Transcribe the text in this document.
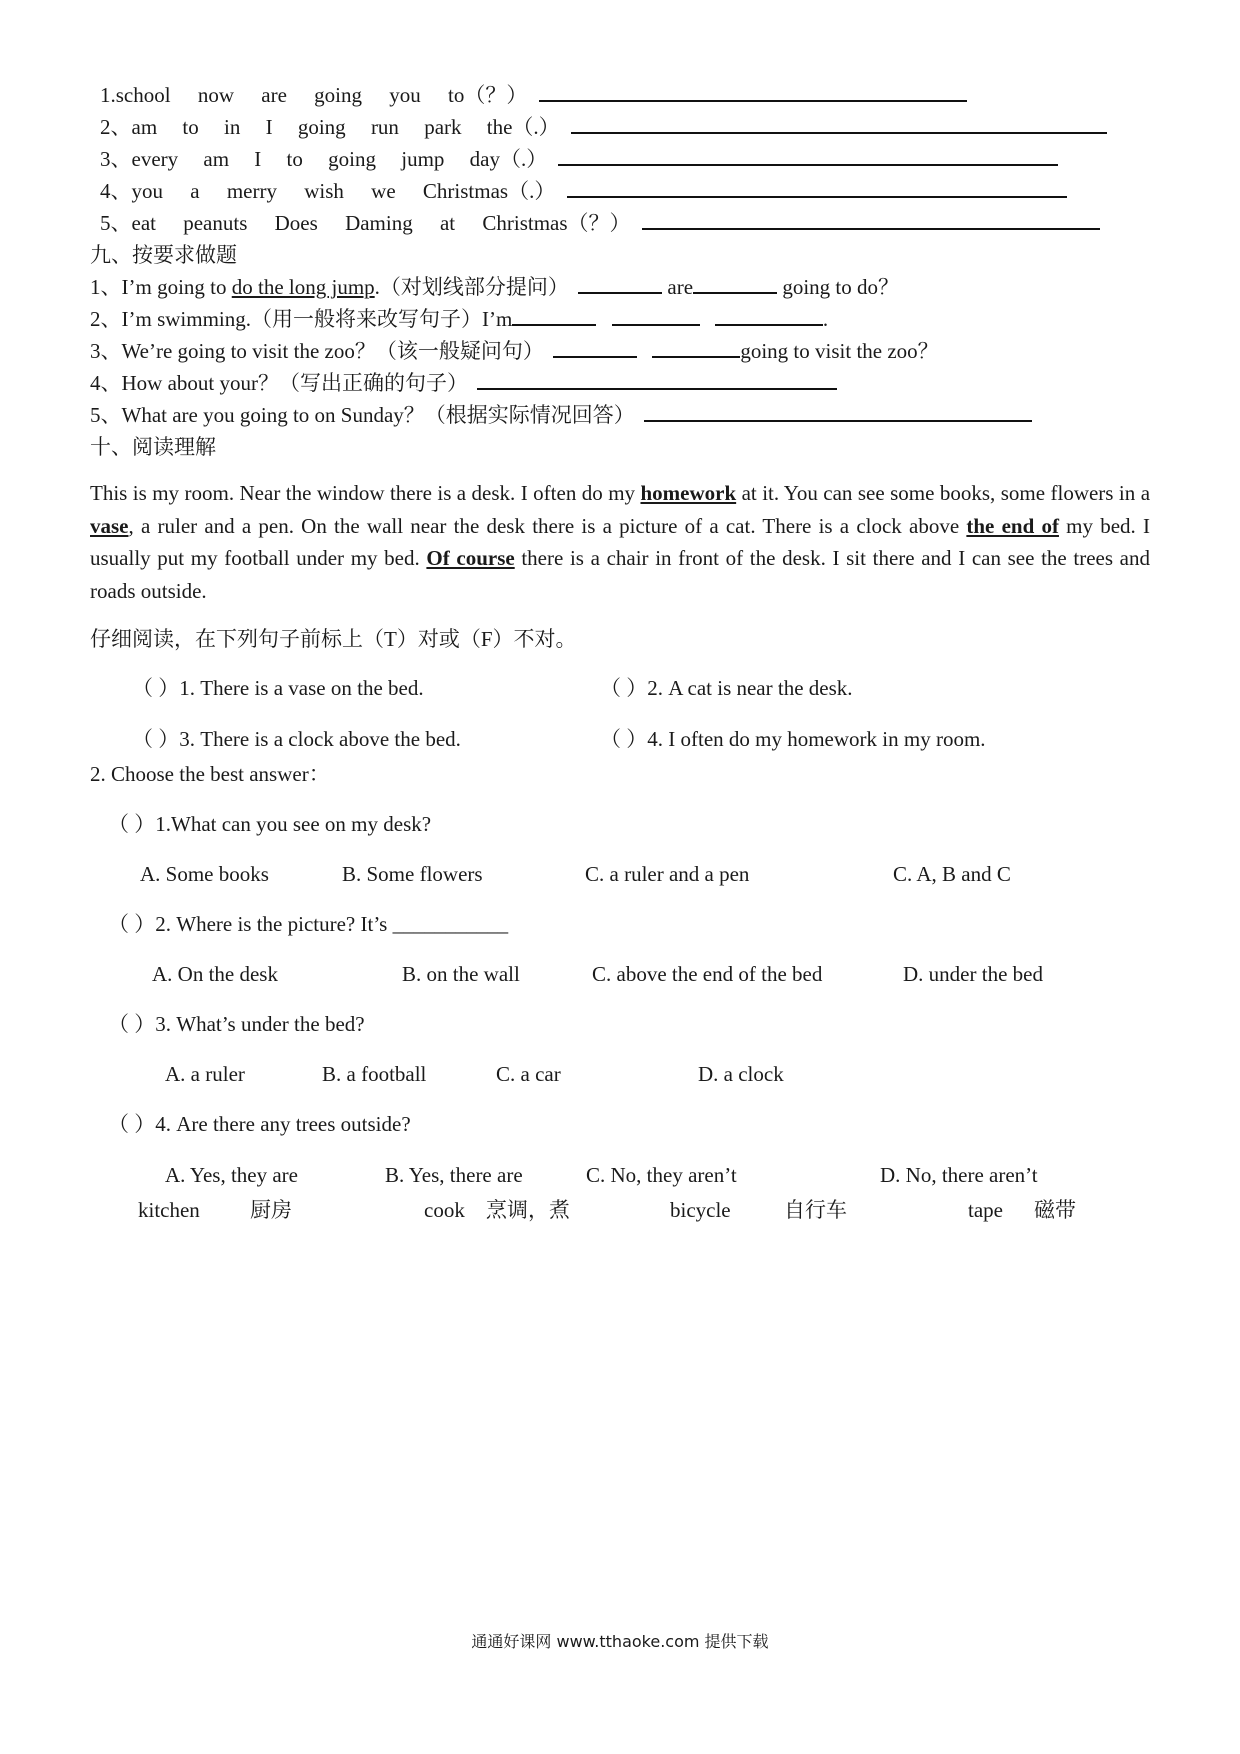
1.school now are going you to（？）
2、am to in I going run park the（.）
3、every am I to going jump day（.）
4、you a merry wish we Christmas（.）
5、eat peanuts Does Daming at Christmas（？）
九、按要求做题
1、I’m going to do the long jump.（对划线部分提问）	are	going to do？
2、I’m swimming.（用一般将来改写句子）I’m	.
3、We’re going to visit the zoo？（该一般疑问句）	going to visit the zoo？
4、How about your？（写出正确的句子）
5、What are you going to on Sunday？（根据实际情况回答）
十、阅读理解
This is my room. Near the window there is a desk. I often do my homework at it. You can see some books, some flowers in a vase, a ruler and a pen. On the wall near the desk there is a picture of a cat. There is a clock above the end of my bed. I usually put my football under my bed. Of course there is a chair in front of the desk. I sit there and I can see the trees and roads outside.
仔细阅读，在下列句子前标上（T）对或（F）不对。
（ ）1. There is a vase on the bed.	（ ）2. A cat is near the desk.
（ ）3. There is a clock above the bed.	（ ）4. I often do my homework in my room.
2. Choose the best answer：
（ ）1.What can you see on my desk?
A. Some books	B. Some flowers	C. a ruler and a pen	C. A, B and C
（ ）2. Where is the picture? It’s ___________
A. On the desk	B. on the wall	C. above the end of the bed	D. under the bed
（ ）3. What’s under the bed?
A. a ruler	B. a football	C. a car	D. a clock
（ ）4. Are there any trees outside?
A. Yes, they are	B. Yes, there are	C. No, they aren’t	D. No, there aren’t
kitchen 厨房	cook 烹调，煮	bicycle	自行车	tape 磁带
通通好课网 www.tthaoke.com 提供下载
